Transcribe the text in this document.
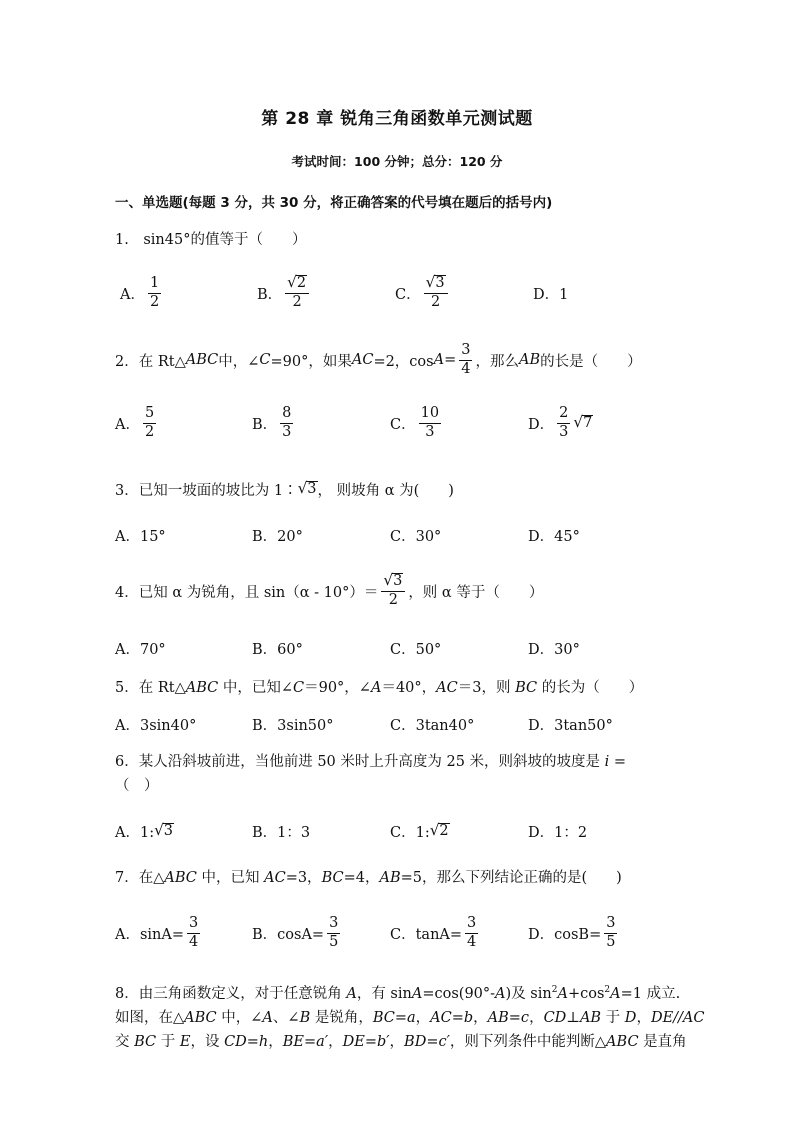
第 28 章 锐角三角函数单元测试题
考试时间：100 分钟；总分：120 分
一、单选题(每题 3 分，共 30 分，将正确答案的代号填在题后的括号内)
1.　sin45°的值等于（　　）
A． $\frac{1}{2}$	B． $\frac{√ 2}{2}$	C． $\frac{√ 3}{2}$	D．1
2．在 Rt△ ABC 中，∠ C =90°，如果 AC =2，$\cos A = \frac{3}{4}$ ，那么 AB 的长是（　　）
A． $\frac{5}{2}$	B． $\frac{8}{3}$	C． $\frac{10}{3}$	D． $\frac{2}{3}$ √ 7
3．已知一坡面的坡比为 1∶ √ 3 ， 则坡角 α 为(　　)
A．15°	B．20°	C．30°	D．45°
4．已知 α 为锐角，且 $\sin(\alpha - 10^\circ)= \frac{√ 3}{2}$ ，则 α 等于（　　）
A．70°	B．60°	C．50°	D．30°
5．在 Rt△ABC 中，已知∠C＝90°，∠A＝40°，AC＝3，则 BC 的长为（　　）
A．3sin40°	B．3sin50°	C．3tan40°	D．3tan50°
6．某人沿斜坡前进，当他前进 50 米时上升高度为 25 米，则斜坡的坡度是 i =
（　）
A．1: √ 3	B．1：3	C．1: √ 2	D．1：2
7．在△ABC 中，已知 AC=3，BC=4，AB=5，那么下列结论正确的是(　　)
A．$\sin A= \frac{3}{4}$	B．$\cos A= \frac{3}{5}$	C．$\tan A= \frac{3}{4}$	D．$\cos B= \frac{3}{5}$
8．由三角函数定义，对于任意锐角 A，有 sinA=cos(90°-A)及 $\sin^2A+\cos^2A=1$ 成立.
如图，在△ABC 中，∠A、∠B 是锐角，BC=a，AC=b，AB=c，CD⊥AB 于 D，DE//AC
交 BC 于 E，设 CD=h，BE=a′，DE=b′，BD=c′，则下列条件中能判断△ABC 是直角
